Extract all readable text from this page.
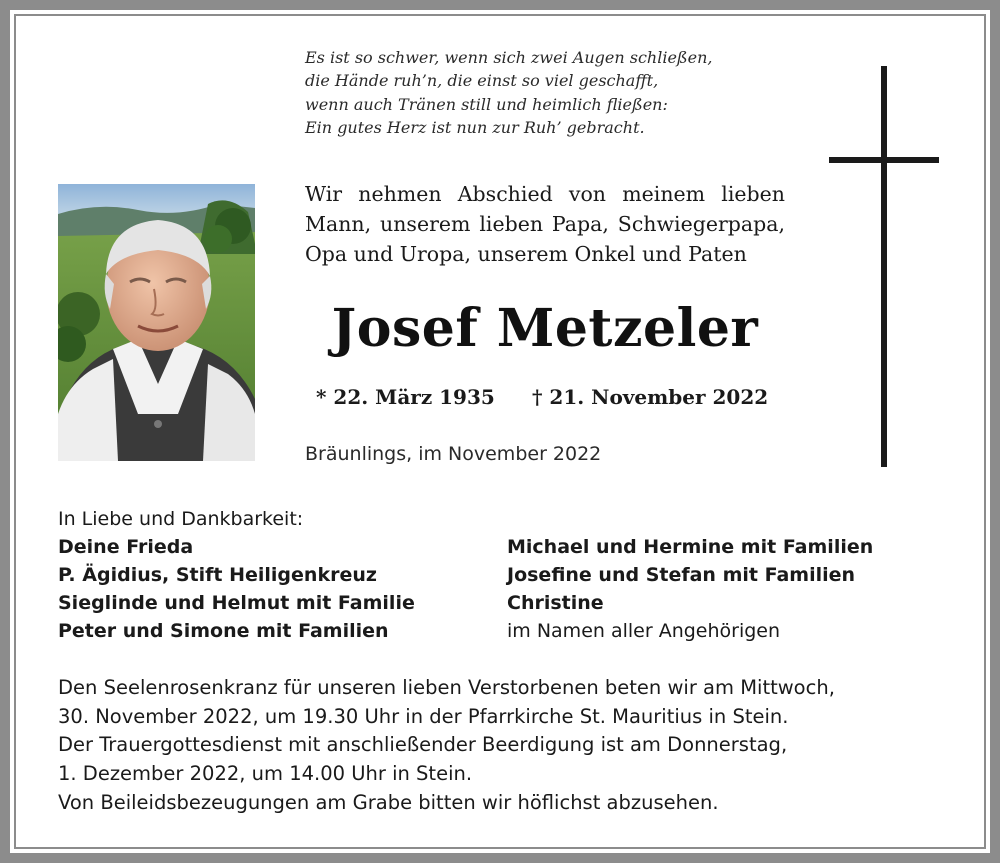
Es ist so schwer, wenn sich zwei Augen schließen,
die Hände ruh’n, die einst so viel geschafft,
wenn auch Tränen still und heimlich fließen:
Ein gutes Herz ist nun zur Ruh’ gebracht.
Wir nehmen Abschied von meinem lieben
Mann, unserem lieben Papa, Schwiegerpapa,
Opa und Uropa, unserem Onkel und Paten
Josef Metzeler
* 22. März 1935 † 21. November 2022
Bräunlings, im November 2022
In Liebe und Dankbarkeit:
Deine Frieda
P. Ägidius, Stift Heiligenkreuz
Sieglinde und Helmut mit Familie
Peter und Simone mit Familien
Michael und Hermine mit Familien
Josefine und Stefan mit Familien
Christine
im Namen aller Angehörigen
Den Seelenrosenkranz für unseren lieben Verstorbenen beten wir am Mittwoch,
30. November 2022, um 19.30 Uhr in der Pfarrkirche St. Mauritius in Stein.
Der Trauergottesdienst mit anschließender Beerdigung ist am Donnerstag,
1. Dezember 2022, um 14.00 Uhr in Stein.
Von Beileidsbezeugungen am Grabe bitten wir höflichst abzusehen.
